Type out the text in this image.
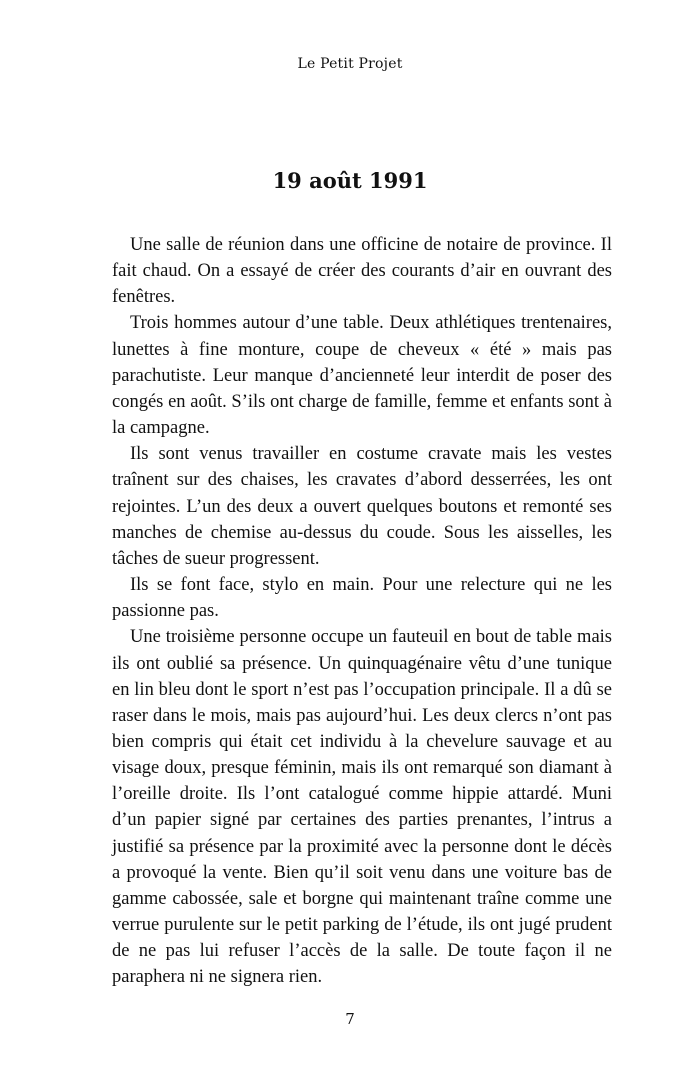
Le Petit Projet
19 août 1991

Une salle de réunion dans une officine de notaire de province. Il fait chaud. On a essayé de créer des courants d’air en ouvrant des fenêtres.

Trois hommes autour d’une table. Deux athlétiques trentenaires, lunettes à fine monture, coupe de cheveux « été » mais pas parachutiste. Leur manque d’ancienneté leur interdit de poser des congés en août. S’ils ont charge de famille, femme et enfants sont à la campagne.

Ils sont venus travailler en costume cravate mais les vestes traînent sur des chaises, les cravates d’abord desserrées, les ont rejointes. L’un des deux a ouvert quelques boutons et remonté ses manches de chemise au-dessus du coude. Sous les aisselles, les tâches de sueur progressent.

Ils se font face, stylo en main. Pour une relecture qui ne les passionne pas.

Une troisième personne occupe un fauteuil en bout de table mais ils ont oublié sa présence. Un quinquagénaire vêtu d’une tunique en lin bleu dont le sport n’est pas l’occupation principale. Il a dû se raser dans le mois, mais pas aujourd’hui. Les deux clercs n’ont pas bien compris qui était cet individu à la chevelure sauvage et au visage doux, presque féminin, mais ils ont remarqué son diamant à l’oreille droite. Ils l’ont catalogué comme hippie attardé. Muni d’un papier signé par certaines des parties prenantes, l’intrus a justifié sa présence par la proximité avec la personne dont le décès a provoqué la vente. Bien qu’il soit venu dans une voiture bas de gamme cabossée, sale et borgne qui maintenant traîne comme une verrue purulente sur le petit parking de l’étude, ils ont jugé prudent de ne pas lui refuser l’accès de la salle. De toute façon il ne paraphera ni ne signera rien.

7
